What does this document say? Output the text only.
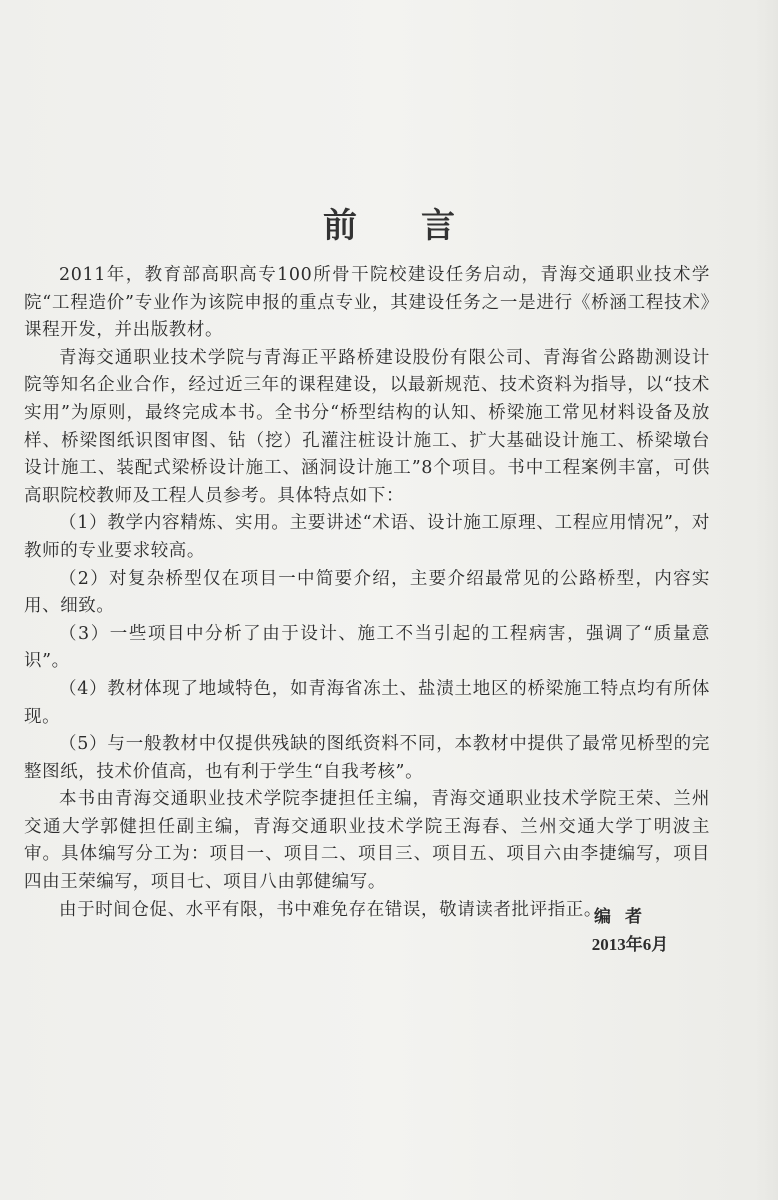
前言

2011年，教育部高职高专100所骨干院校建设任务启动，青海交通职业技术学院“工程造价”专业作为该院申报的重点专业，其建设任务之一是进行《桥涵工程技术》课程开发，并出版教材。

青海交通职业技术学院与青海正平路桥建设股份有限公司、青海省公路勘测设计院等知名企业合作，经过近三年的课程建设，以最新规范、技术资料为指导，以“技术实用”为原则，最终完成本书。全书分“桥型结构的认知、桥梁施工常见材料设备及放样、桥梁图纸识图审图、钻（挖）孔灌注桩设计施工、扩大基础设计施工、桥梁墩台设计施工、装配式梁桥设计施工、涵洞设计施工”8个项目。书中工程案例丰富，可供高职院校教师及工程人员参考。具体特点如下：

（1）教学内容精炼、实用。主要讲述“术语、设计施工原理、工程应用情况”，对教师的专业要求较高。

（2）对复杂桥型仅在项目一中简要介绍，主要介绍最常见的公路桥型，内容实用、细致。

（3）一些项目中分析了由于设计、施工不当引起的工程病害，强调了“质量意识”。

（4）教材体现了地域特色，如青海省冻土、盐渍土地区的桥梁施工特点均有所体现。

（5）与一般教材中仅提供残缺的图纸资料不同，本教材中提供了最常见桥型的完整图纸，技术价值高，也有利于学生“自我考核”。

本书由青海交通职业技术学院李捷担任主编，青海交通职业技术学院王荣、兰州交通大学郭健担任副主编，青海交通职业技术学院王海春、兰州交通大学丁明波主审。具体编写分工为：项目一、项目二、项目三、项目五、项目六由李捷编写，项目四由王荣编写，项目七、项目八由郭健编写。

由于时间仓促、水平有限，书中难免存在错误，敬请读者批评指正。

编者
2013年6月
